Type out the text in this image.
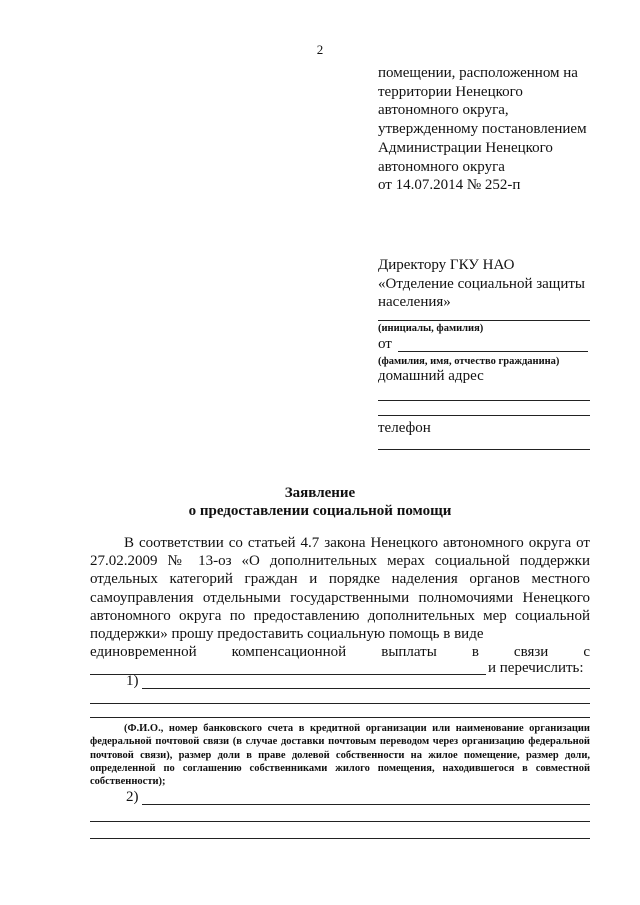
2
помещении, расположенном на
территории Ненецкого
автономного округа,
утвержденному постановлением
Администрации Ненецкого
автономного округа
от 14.07.2014 № 252-п
Директору ГКУ НАО
«Отделение социальной защиты
населения»
(инициалы, фамилия)
от
(фамилия, имя, отчество гражданина)
домашний адрес
телефон
Заявление
о предоставлении социальной помощи

В соответствии со статьей 4.7 закона Ненецкого автономного округа от 27.02.2009 № 13-оз «О дополнительных мерах социальной поддержки отдельных категорий граждан и порядке наделения органов местного самоуправления отдельными государственными полномочиями Ненецкого автономного округа по предоставлению дополнительных мер социальной поддержки» прошу предоставить социальную помощь в виде

единовременной компенсационной выплаты в связи с
и перечислить:
1)

(Ф.И.О., номер банковского счета в кредитной организации или наименование организации федеральной почтовой связи (в случае доставки почтовым переводом через организацию федеральной почтовой связи), размер доли в праве долевой собственности на жилое помещение, размер доли, определенной по соглашению собственниками жилого помещения, находившегося в совместной собственности);

2)
